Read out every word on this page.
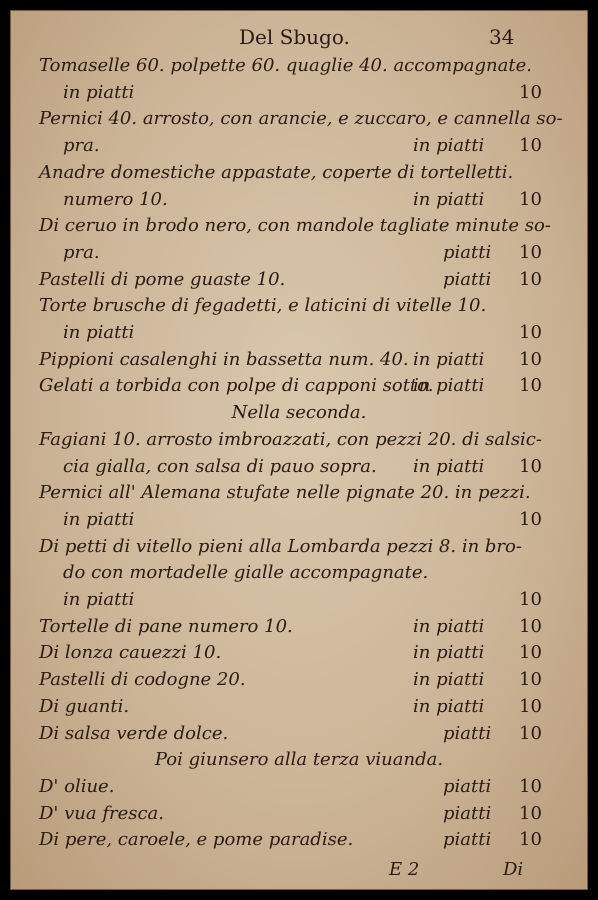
Del Sbugo.	34
Tomaselle 60. polpette 60. quaglie 40. accompagnate.
in piatti	10
Pernici 40. arrosto, con arancie, e zuccaro, e cannella so-
pra.	in piatti 10
Anadre domestiche appastate, coperte di tortelletti.
numero 10.	in piatti 10
Di ceruo in brodo nero, con mandole tagliate minute so-
pra.	piatti 10
Pastelli di pome guaste 10.	piatti 10
Torte brusche di fegadetti, e laticini di vitelle 10.
in piatti	10
Pippioni casalenghi in bassetta num. 40. in piatti 10
Gelati a torbida con polpe di capponi sotto.
in piatti 10
Nella seconda.
Fagiani 10. arrosto imbroazzati, con pezzi 20. di salsic-
cia gialla, con salsa di pauo sopra. in piatti 10
Pernici all' Alemana stufate nelle pignate 20. in pezzi.
in piatti	10
Di petti di vitello pieni alla Lombarda pezzi 8. in bro-
do con mortadelle gialle accompagnate.
in piatti	10
Tortelle di pane numero 10.	in piatti 10
Di lonza cauezzi 10.	in piatti 10
Pastelli di codogne 20.	in piatti 10
Di guanti.	in piatti 10
Di salsa verde dolce.	piatti 10
Poi giunsero alla terza viuanda.
D' oliue.	piatti 10
D' vua fresca.	piatti 10
Di pere, caroele, e pome paradise.	piatti 10
E 2	Di
